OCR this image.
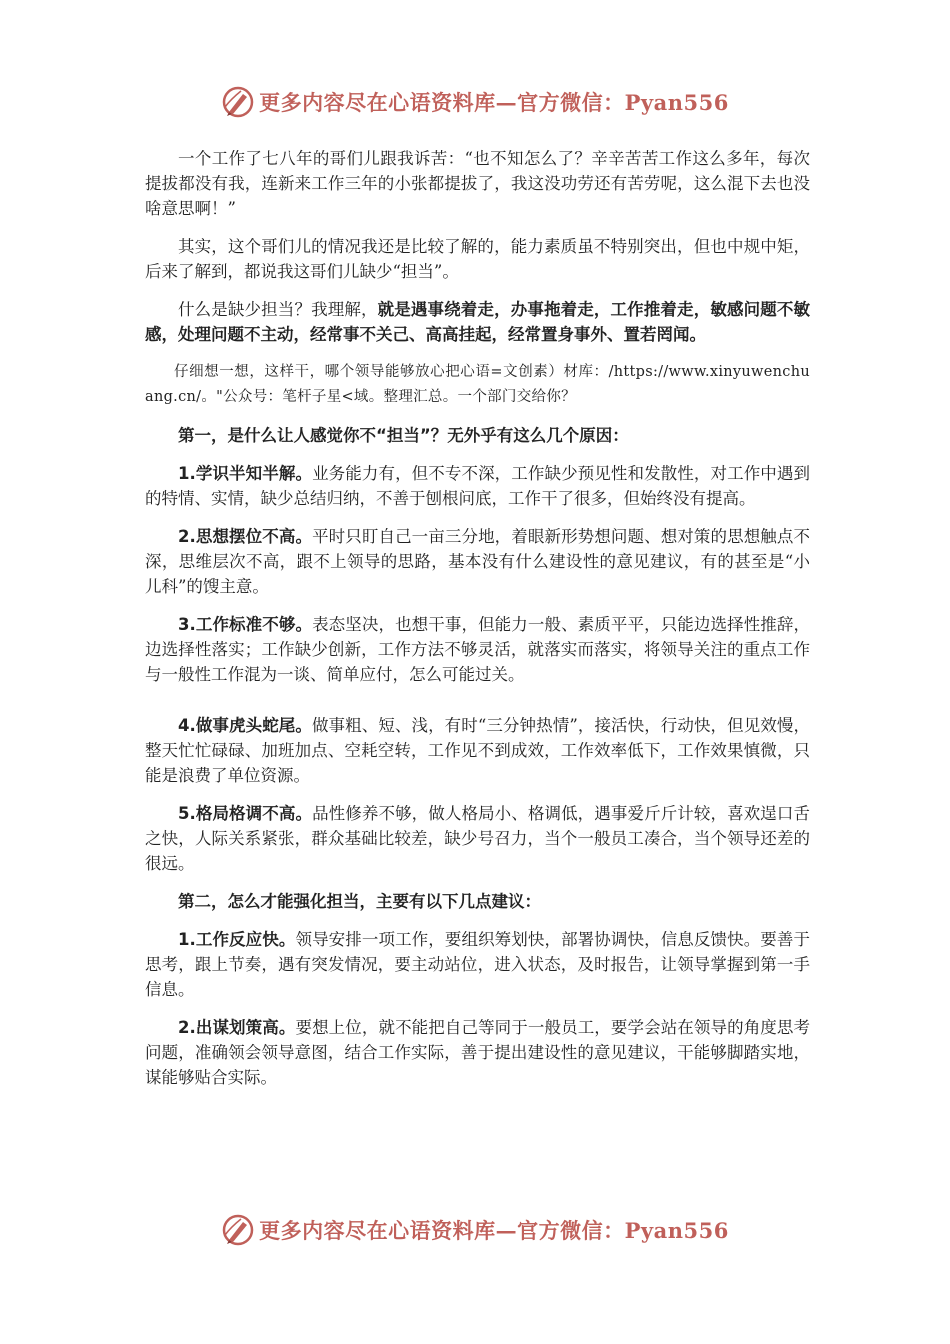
更多内容尽在心语资料库—官方微信：Pyan556

一个工作了七八年的哥们儿跟我诉苦：“也不知怎么了？辛辛苦苦工作这么多年，每次提拔都没有我，连新来工作三年的小张都提拔了，我这没功劳还有苦劳呢，这么混下去也没啥意思啊！”

其实，这个哥们儿的情况我还是比较了解的，能力素质虽不特别突出，但也中规中矩，后来了解到，都说我这哥们儿缺少“担当”。

什么是缺少担当？我理解，就是遇事绕着走，办事拖着走，工作推着走，敏感问题不敏感，处理问题不主动，经常事不关己、高高挂起，经常置身事外、置若罔闻。

仔细想一想，这样干，哪个领导能够放心把心语=文创素）材库：/https://www.xinyuwenchuang.cn/。"公众号：笔杆子星<域。整理汇总。一个部门交给你？

第一，是什么让人感觉你不“担当”？无外乎有这么几个原因：

1.学识半知半解。业务能力有，但不专不深，工作缺少预见性和发散性，对工作中遇到的特情、实情，缺少总结归纳，不善于刨根问底，工作干了很多，但始终没有提高。

2.思想摆位不高。平时只盯自己一亩三分地，着眼新形势想问题、想对策的思想触点不深，思维层次不高，跟不上领导的思路，基本没有什么建设性的意见建议，有的甚至是“小儿科”的馊主意。

3.工作标准不够。表态坚决，也想干事，但能力一般、素质平平，只能边选择性推辞，边选择性落实；工作缺少创新，工作方法不够灵活，就落实而落实，将领导关注的重点工作与一般性工作混为一谈、简单应付，怎么可能过关。

4.做事虎头蛇尾。做事粗、短、浅，有时“三分钟热情”，接活快，行动快，但见效慢，整天忙忙碌碌、加班加点、空耗空转，工作见不到成效，工作效率低下，工作效果慎微，只能是浪费了单位资源。

5.格局格调不高。品性修养不够，做人格局小、格调低，遇事爱斤斤计较，喜欢逞口舌之快，人际关系紧张，群众基础比较差，缺少号召力，当个一般员工凑合，当个领导还差的很远。

第二，怎么才能强化担当，主要有以下几点建议：

1.工作反应快。领导安排一项工作，要组织筹划快，部署协调快，信息反馈快。要善于思考，跟上节奏，遇有突发情况，要主动站位，进入状态，及时报告，让领导掌握到第一手信息。

2.出谋划策高。要想上位，就不能把自己等同于一般员工，要学会站在领导的角度思考问题，准确领会领导意图，结合工作实际，善于提出建设性的意见建议，干能够脚踏实地，谋能够贴合实际。

更多内容尽在心语资料库—官方微信：Pyan556
